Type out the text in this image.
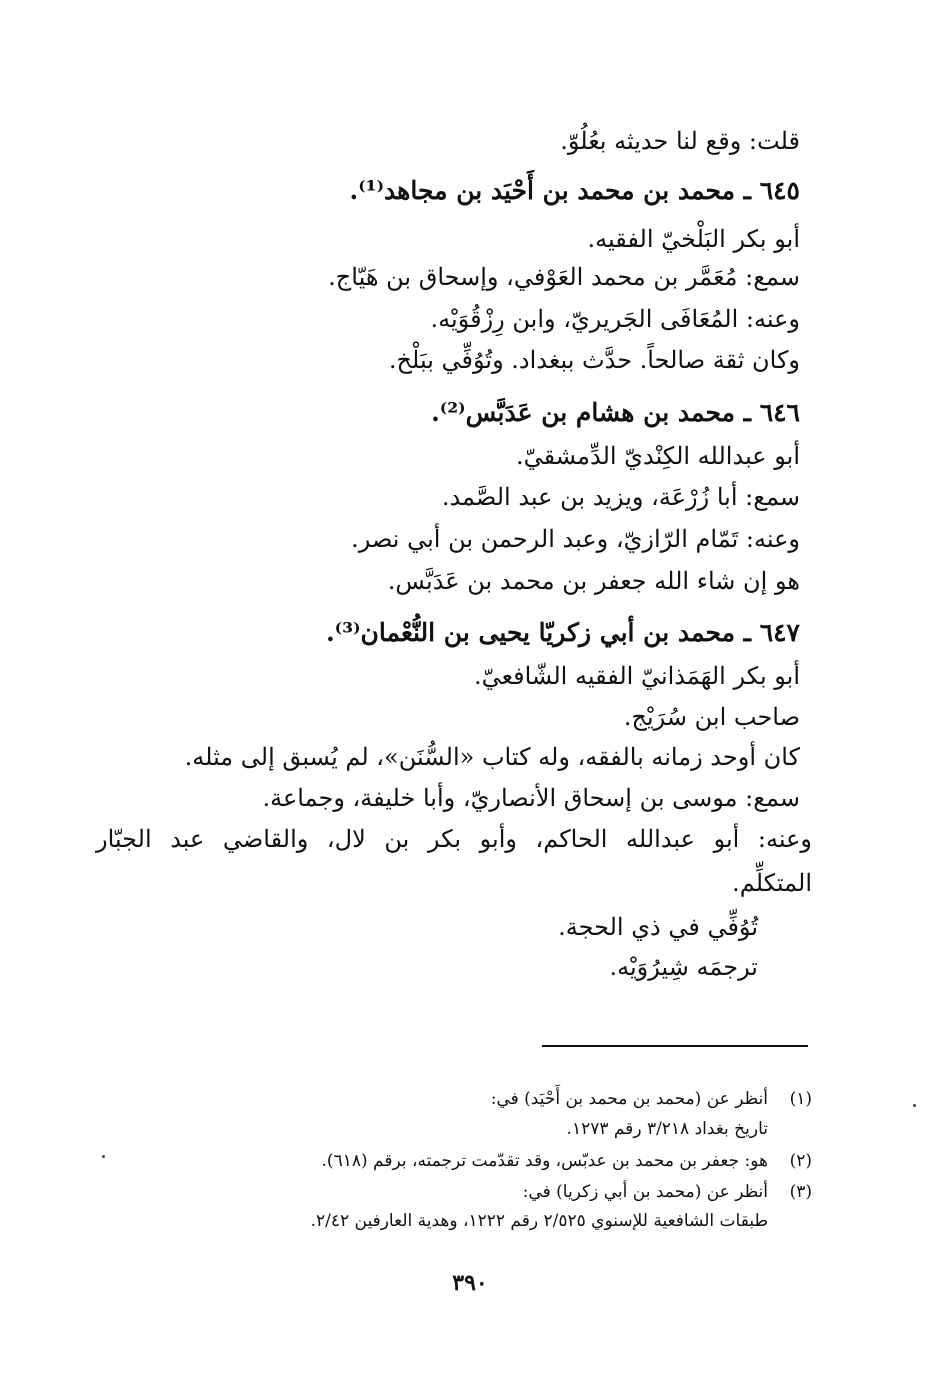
قلت: وقع لنا حديثه بعُلُوّ.
٦٤٥ ـ محمد بن محمد بن أَحْيَد بن مجاهد⁽¹⁾.
أبو بكر البَلْخيّ الفقيه.
سمع: مُعَمَّر بن محمد العَوْفي، وإسحاق بن هَيّاج.
وعنه: المُعَافَى الجَريريّ، وابن رِزْقُوَيْه.
وكان ثقة صالحاً. حدَّث ببغداد. وتُوُفِّي ببَلْخ.
٦٤٦ ـ محمد بن هشام بن عَدَبَّس⁽²⁾.
أبو عبدالله الكِنْديّ الدِّمشقيّ.
سمع: أبا زُرْعَة، ويزيد بن عبد الصَّمد.
وعنه: تَمّام الرّازيّ، وعبد الرحمن بن أبي نصر.
هو إن شاء الله جعفر بن محمد بن عَدَبَّس.
٦٤٧ ـ محمد بن أبي زكريّا يحيى بن النُّعْمان⁽³⁾.
أبو بكر الهَمَذانيّ الفقيه الشّافعيّ.
صاحب ابن سُرَيْج.
كان أوحد زمانه بالفقه، وله كتاب «السُّنَن»، لم يُسبق إلى مثله.
سمع: موسى بن إسحاق الأنصاريّ، وأبا خليفة، وجماعة.
وعنه: أبو عبدالله الحاكم، وأبو بكر بن لال، والقاضي عبد الجبّار
المتكلِّم.
تُوُفِّي في ذي الحجة.
ترجمَه شِيرُوَيْه.
(١)أنظر عن (محمد بن محمد بن أَحْيَد) في:
تاريخ بغداد ٣/٢١٨ رقم ١٢٧٣.
(٢)هو: جعفر بن محمد بن عدبّس، وقد تقدّمت ترجمته، برقم (٦١٨).
(٣)أنظر عن (محمد بن أبي زكريا) في:
طبقات الشافعية للإسنوي ٢/٥٢٥ رقم ١٢٢٢، وهدية العارفين ٢/٤٢.
٣٩٠
